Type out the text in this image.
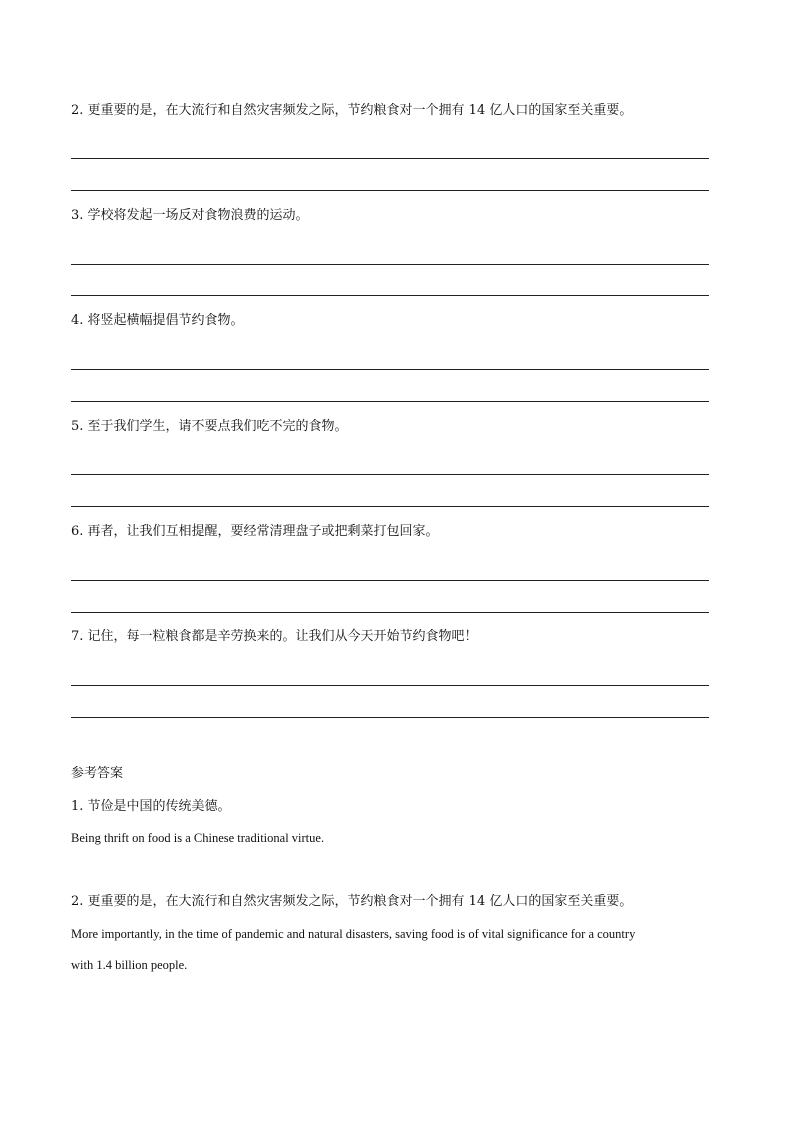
2. 更重要的是，在大流行和自然灾害频发之际，节约粮食对一个拥有 14 亿人口的国家至关重要。
3. 学校将发起一场反对食物浪费的运动。
4. 将竖起横幅提倡节约食物。
5. 至于我们学生，请不要点我们吃不完的食物。
6. 再者，让我们互相提醒，要经常清理盘子或把剩菜打包回家。
7. 记住，每一粒粮食都是辛劳换来的。让我们从今天开始节约食物吧！
参考答案
1. 节俭是中国的传统美德。
Being thrift on food is a Chinese traditional virtue.
2. 更重要的是，在大流行和自然灾害频发之际，节约粮食对一个拥有 14 亿人口的国家至关重要。
More importantly, in the time of pandemic and natural disasters, saving food is of vital significance for a country
with 1.4 billion people.
